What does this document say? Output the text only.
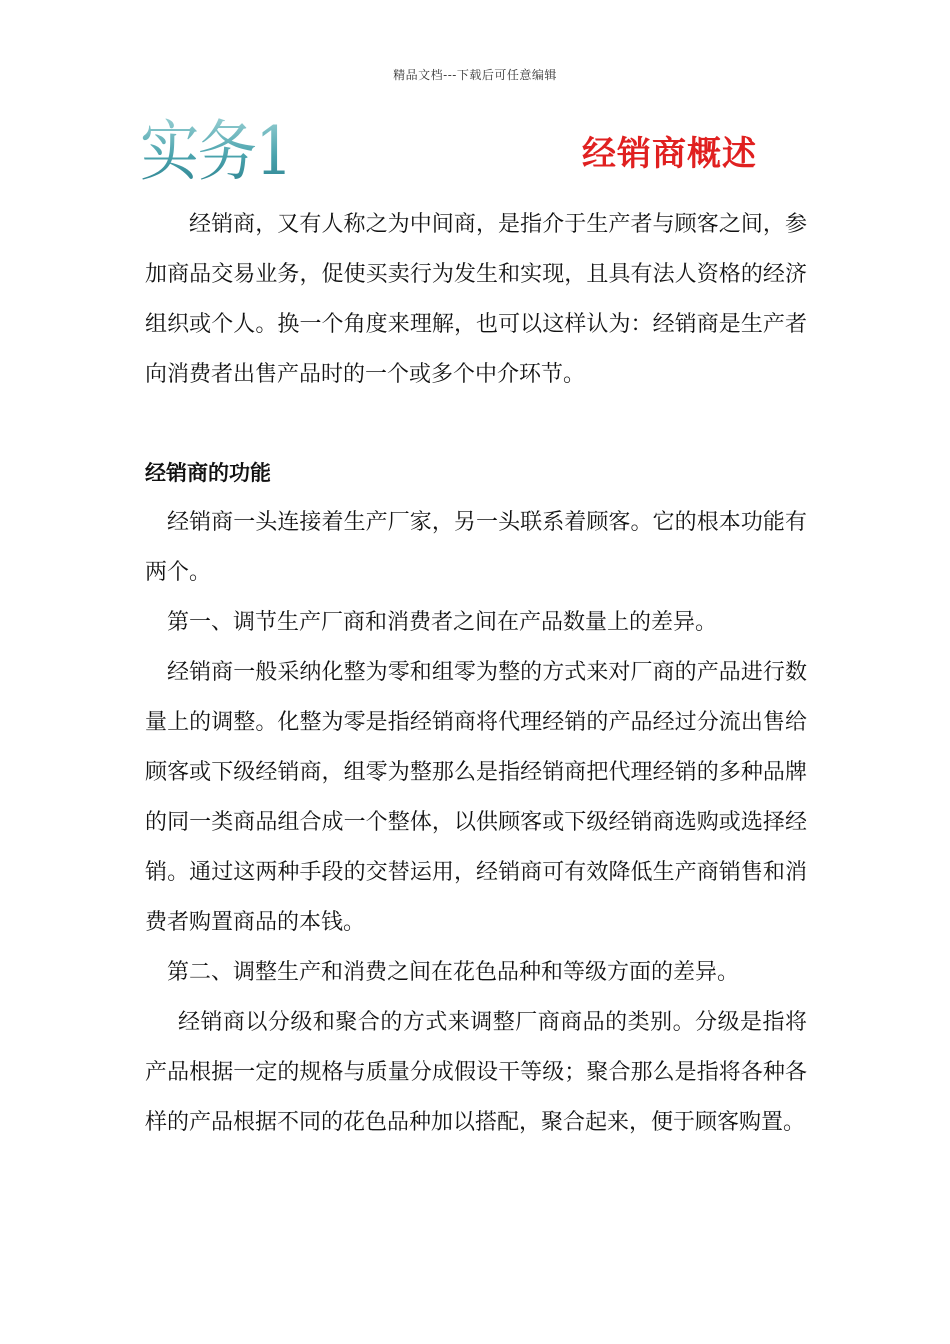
精品文档---下载后可任意编辑
实务1	经销商概述

经销商，又有人称之为中间商，是指介于生产者与顾客之间，参加商品交易业务，促使买卖行为发生和实现，且具有法人资格的经济组织或个人。换一个角度来理解，也可以这样认为：经销商是生产者向消费者出售产品时的一个或多个中介环节。

经销商的功能

经销商一头连接着生产厂家，另一头联系着顾客。它的根本功能有两个。

第一、调节生产厂商和消费者之间在产品数量上的差异。

经销商一般采纳化整为零和组零为整的方式来对厂商的产品进行数量上的调整。化整为零是指经销商将代理经销的产品经过分流出售给顾客或下级经销商，组零为整那么是指经销商把代理经销的多种品牌的同一类商品组合成一个整体，以供顾客或下级经销商选购或选择经销。通过这两种手段的交替运用，经销商可有效降低生产商销售和消费者购置商品的本钱。

第二、调整生产和消费之间在花色品种和等级方面的差异。

经销商以分级和聚合的方式来调整厂商商品的类别。分级是指将产品根据一定的规格与质量分成假设干等级；聚合那么是指将各种各样的产品根据不同的花色品种加以搭配，聚合起来，便于顾客购置。
